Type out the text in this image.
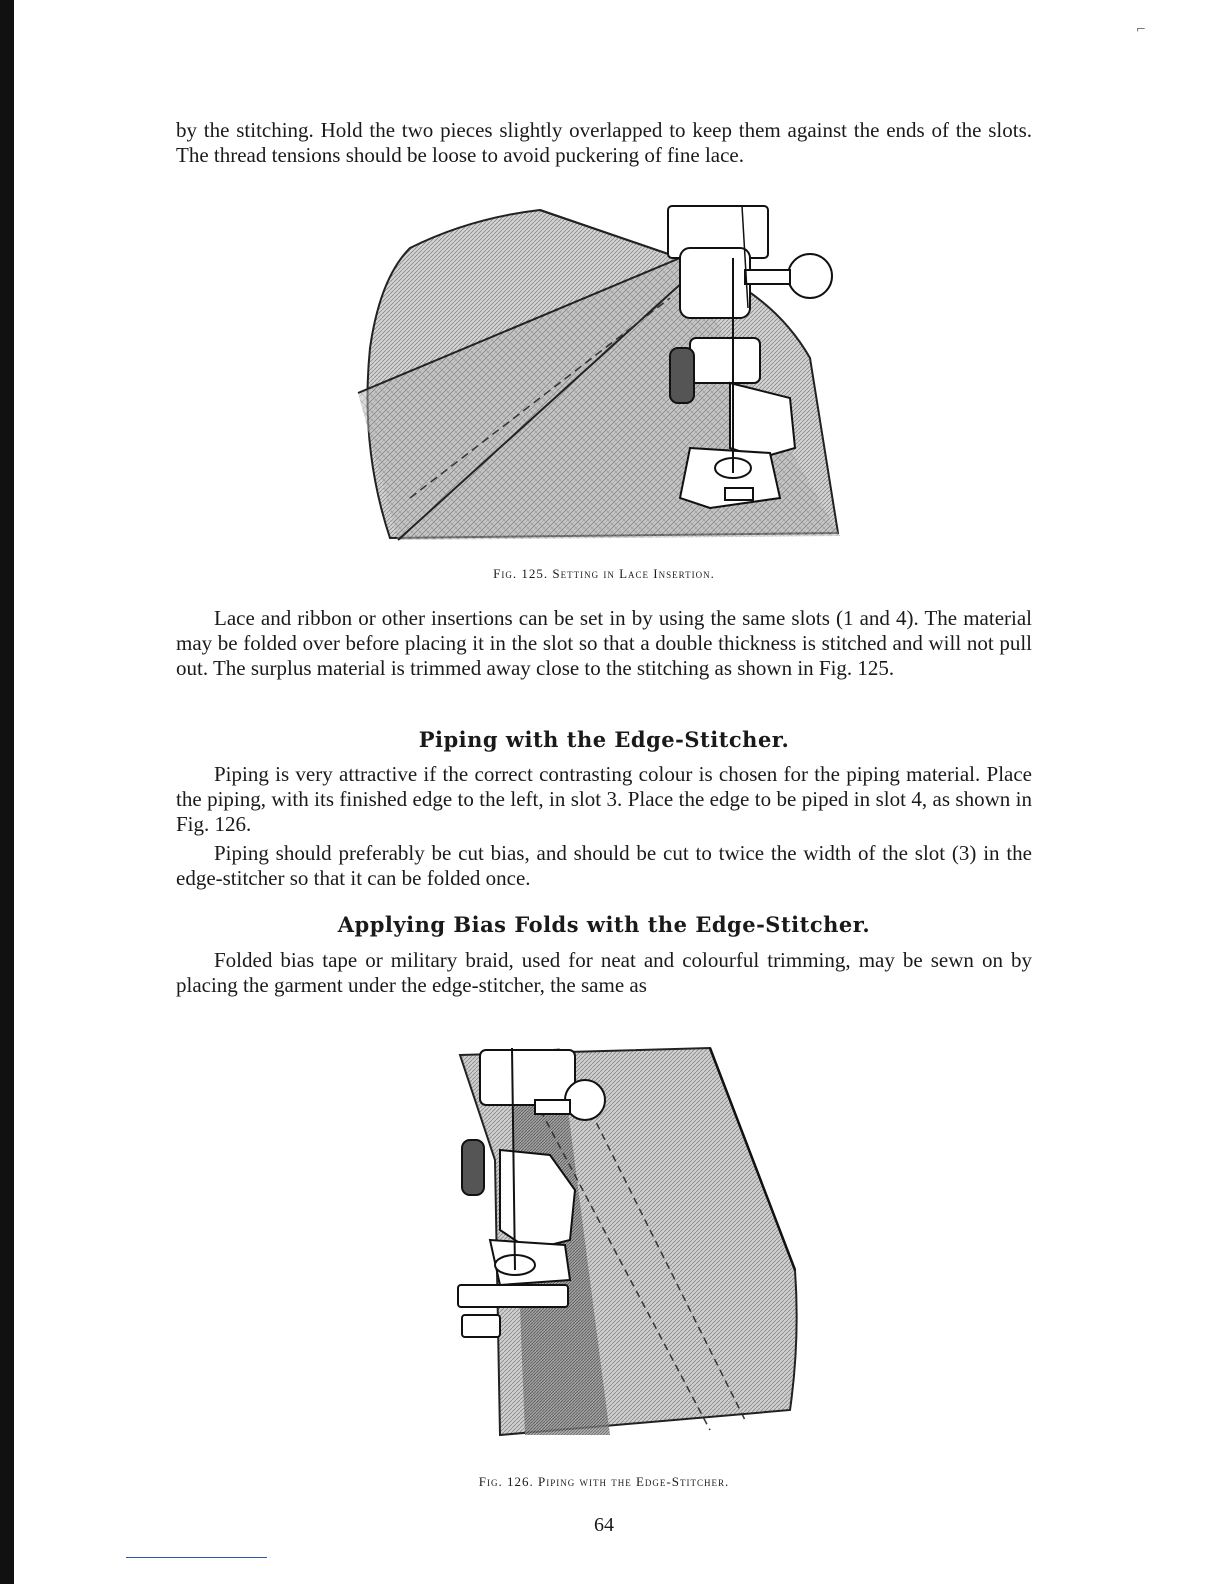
⌐

by the stitching. Hold the two pieces slightly overlapped to keep them against the ends of the slots. The thread tensions should be loose to avoid puckering of fine lace.

Fig. 125. Setting in Lace Insertion.

Lace and ribbon or other insertions can be set in by using the same slots (1 and 4). The material may be folded over before placing it in the slot so that a double thickness is stitched and will not pull out. The surplus material is trimmed away close to the stitching as shown in Fig. 125.

Piping with the Edge-Stitcher.

Piping is very attractive if the correct contrasting colour is chosen for the piping material. Place the piping, with its finished edge to the left, in slot 3. Place the edge to be piped in slot 4, as shown in Fig. 126.

Piping should preferably be cut bias, and should be cut to twice the width of the slot (3) in the edge-stitcher so that it can be folded once.

Applying Bias Folds with the Edge-Stitcher.

Folded bias tape or military braid, used for neat and colourful trimming, may be sewn on by placing the garment under the edge-stitcher, the same as

Fig. 126. Piping with the Edge-Stitcher.

64
